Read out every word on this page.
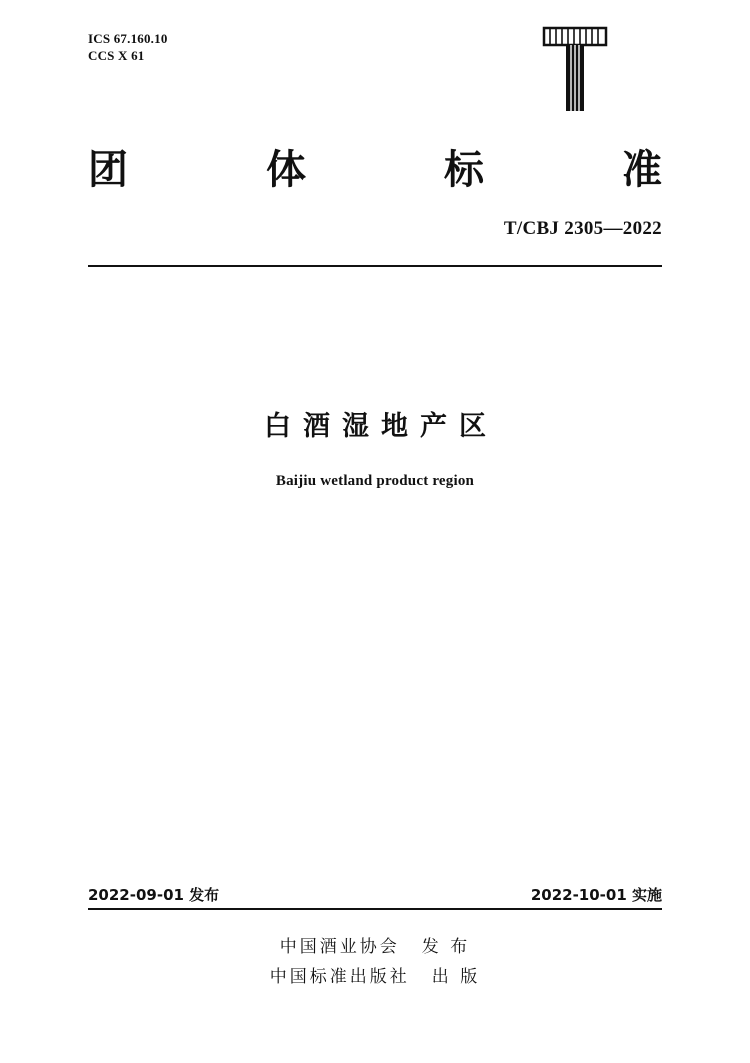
ICS 67.160.10
CCS X 61
团	体	标	准
T/CBJ 2305—2022
白酒湿地产区
Baijiu wetland product region
2022-09-01 发布	2022-10-01 实施
中国酒业协会 发 布
中国标准出版社 出 版
